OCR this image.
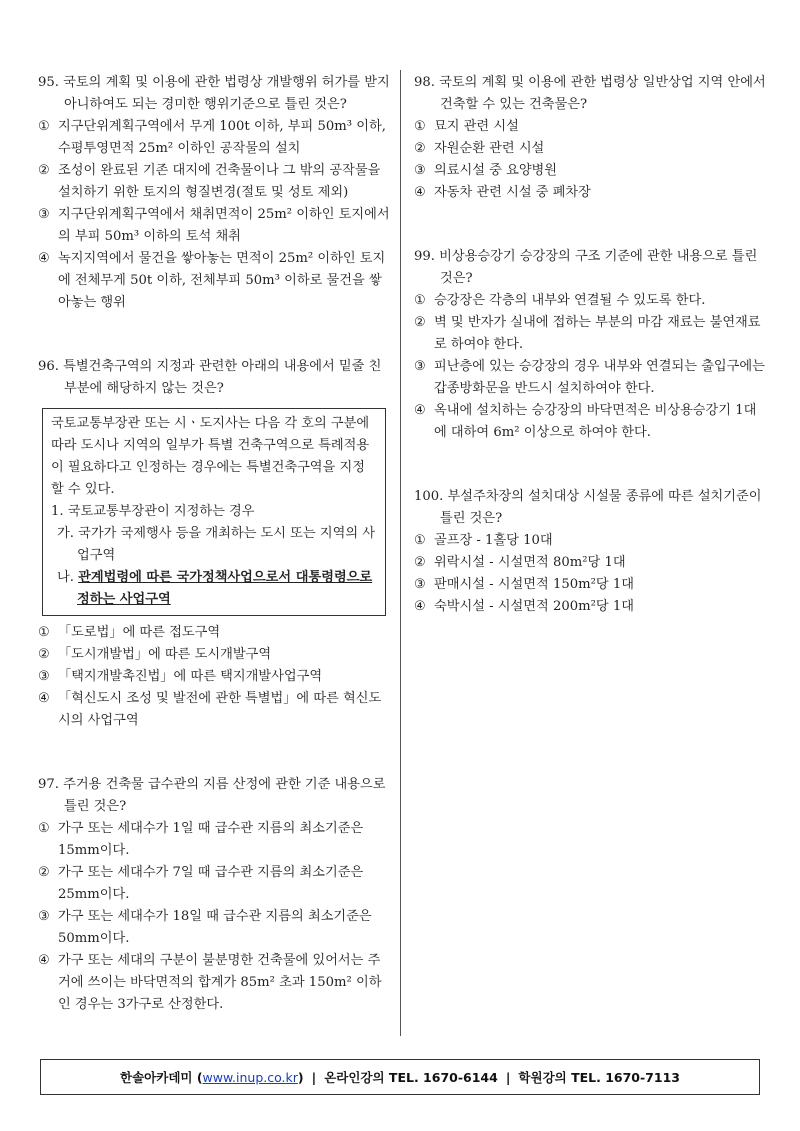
95. 국토의 계획 및 이용에 관한 법령상 개발행위 허가를 받지 아니하여도 되는 경미한 행위기준으로 틀린 것은?

① 지구단위계획구역에서 무게 100t 이하, 부피 50m³ 이하, 수평투영면적 25m² 이하인 공작물의 설치
② 조성이 완료된 기존 대지에 건축물이나 그 밖의 공작물을 설치하기 위한 토지의 형질변경(절토 및 성토 제외)
③ 지구단위계획구역에서 채취면적이 25m² 이하인 토지에서의 부피 50m³ 이하의 토석 채취
④ 녹지지역에서 물건을 쌓아놓는 면적이 25m² 이하인 토지에 전체무게 50t 이하, 전체부피 50m³ 이하로 물건을 쌓아놓는 행위

96. 특별건축구역의 지정과 관련한 아래의 내용에서 밑줄 친 부분에 해당하지 않는 것은?

국토교통부장관 또는 시ㆍ도지사는 다음 각 호의 구분에 따라 도시나 지역의 일부가 특별 건축구역으로 특례적용이 필요하다고 인정하는 경우에는 특별건축구역을 지정할 수 있다.

1. 국토교통부장관이 지정하는 경우

가. 국가가 국제행사 등을 개최하는 도시 또는 지역의 사업구역

나. 관계법령에 따른 국가정책사업으로서 대통령령으로 정하는 사업구역

① 「도로법」에 따른 접도구역
② 「도시개발법」에 따른 도시개발구역
③ 「택지개발촉진법」에 따른 택지개발사업구역
④ 「혁신도시 조성 및 발전에 관한 특별법」에 따른 혁신도시의 사업구역

97. 주거용 건축물 급수관의 지름 산정에 관한 기준 내용으로 틀린 것은?

① 가구 또는 세대수가 1일 때 급수관 지름의 최소기준은 15mm이다.
② 가구 또는 세대수가 7일 때 급수관 지름의 최소기준은 25mm이다.
③ 가구 또는 세대수가 18일 때 급수관 지름의 최소기준은 50mm이다.
④ 가구 또는 세대의 구분이 불분명한 건축물에 있어서는 주거에 쓰이는 바닥면적의 합계가 85m² 초과 150m² 이하인 경우는 3가구로 산정한다.

98. 국토의 계획 및 이용에 관한 법령상 일반상업 지역 안에서 건축할 수 있는 건축물은?

① 묘지 관련 시설
② 자원순환 관련 시설
③ 의료시설 중 요양병원
④ 자동차 관련 시설 중 폐차장

99. 비상용승강기 승강장의 구조 기준에 관한 내용으로 틀린 것은?

① 승강장은 각층의 내부와 연결될 수 있도록 한다.
② 벽 및 반자가 실내에 접하는 부분의 마감 재료는 불연재료로 하여야 한다.
③ 피난층에 있는 승강장의 경우 내부와 연결되는 출입구에는 갑종방화문을 반드시 설치하여야 한다.
④ 옥내에 설치하는 승강장의 바닥면적은 비상용승강기 1대에 대하여 6m² 이상으로 하여야 한다.

100. 부설주차장의 설치대상 시설물 종류에 따른 설치기준이 틀린 것은?

① 골프장 - 1홀당 10대
② 위락시설 - 시설면적 80m²당 1대
③ 판매시설 - 시설면적 150m²당 1대
④ 숙박시설 - 시설면적 200m²당 1대
한솔아카데미 ( www.inup.co.kr ) | 온라인강의 TEL. 1670-6144 | 학원강의 TEL. 1670-7113
